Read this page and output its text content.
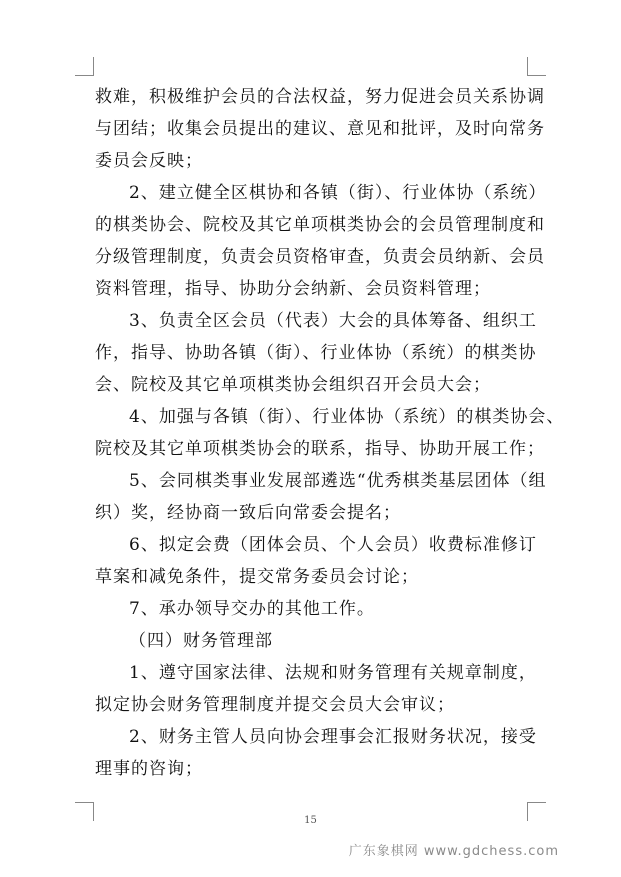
救难，积极维护会员的合法权益，努力促进会员关系协调
与团结；收集会员提出的建议、意见和批评，及时向常务
委员会反映；
2、建立健全区棋协和各镇（街）、行业体协（系统）
的棋类协会、院校及其它单项棋类协会的会员管理制度和
分级管理制度，负责会员资格审查，负责会员纳新、会员
资料管理，指导、协助分会纳新、会员资料管理；
3、负责全区会员（代表）大会的具体筹备、组织工
作，指导、协助各镇（街）、行业体协（系统）的棋类协
会、院校及其它单项棋类协会组织召开会员大会；
4、加强与各镇（街）、行业体协（系统）的棋类协会、
院校及其它单项棋类协会的联系，指导、协助开展工作；
5、会同棋类事业发展部遴选“优秀棋类基层团体（组
织）奖，经协商一致后向常委会提名；
6、拟定会费（团体会员、个人会员）收费标准修订
草案和减免条件，提交常务委员会讨论；
7、承办领导交办的其他工作。
（四）财务管理部
1、遵守国家法律、法规和财务管理有关规章制度，
拟定协会财务管理制度并提交会员大会审议；
2、财务主管人员向协会理事会汇报财务状况，接受
理事的咨询；
15
广东象棋网 www.gdchess.com
